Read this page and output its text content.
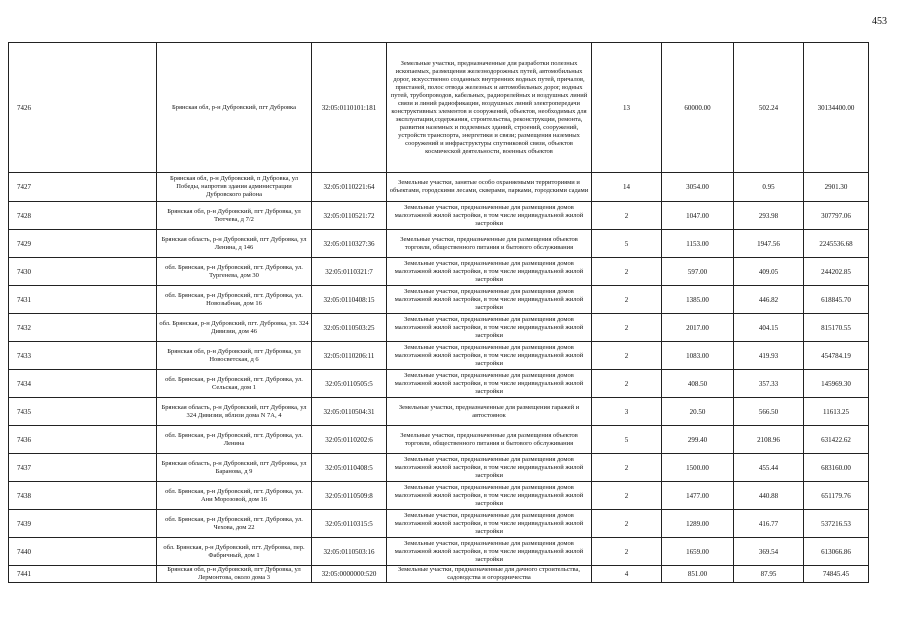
453
7426	Брянская обл, р-н Дубровский, пгт Дубровка	32:05:0110101:181	Земельные участки, предназначенные для разработки полезных ископаемых, размещения железнодорожных путей, автомобильных дорог, искусственно созданных внутренних водных путей, причалов, пристаней, полос отвода железных и автомобильных дорог, водных путей, трубопроводов, кабельных, радиорелейных и воздушных линий связи и линий радиофикации, воздушных линий электропередачи конструктивных элементов и сооружений, объектов, необходимых для эксплуатации,содержания, строительства, реконструкции, ремонта, развития наземных и подземных зданий, строений, сооружений, устройств транспорта, энергетики и связи; размещения наземных сооружений и инфраструктуры спутниковой связи, объектов космической деятельности, военных объектов	13	60000.00	502.24	30134400.00
7427	Брянская обл, р-н Дубровский, п Дубровка, ул Победы, напротив здания администрации Дубровского района	32:05:0110221:64	Земельные участки, занятые особо охраняемыми территориями и объектами, городскими лесами, скверами, парками, городскими садами	14	3054.00	0.95	2901.30
7428	Брянская обл, р-н Дубровский, пгт Дубровка, ул Тютчева, д 7/2	32:05:0110521:72	Земельные участки, предназначенные для размещения домов малоэтажной жилой застройки, в том числе индивидуальной жилой застройки	2	1047.00	293.98	307797.06
7429	Брянская область, р-н Дубровский, пгт Дубровка, ул Ленина, д 146	32:05:0110327:36	Земельные участки, предназначенные для размещения объектов торговли, общественного питания и бытового обслуживания	5	1153.00	1947.56	2245536.68
7430	обл. Брянская, р-н Дубровский, пгт. Дубровка, ул. Тургенева, дом 30	32:05:0110321:7	Земельные участки, предназначенные для размещения домов малоэтажной жилой застройки, в том числе индивидуальной жилой застройки	2	597.00	409.05	244202.85
7431	обл. Брянская, р-н Дубровский, пгт. Дубровка, ул. Новозыбная, дом 16	32:05:0110408:15	Земельные участки, предназначенные для размещения домов малоэтажной жилой застройки, в том числе индивидуальной жилой застройки	2	1385.00	446.82	618845.70
7432	обл. Брянская, р-н Дубровский, пгт. Дубровка, ул. 324 Дивизии, дом 46	32:05:0110503:25	Земельные участки, предназначенные для размещения домов малоэтажной жилой застройки, в том числе индивидуальной жилой застройки	2	2017.00	404.15	815170.55
7433	Брянская обл, р-н Дубровский, пгт Дубровка, ул Новосветская, д 6	32:05:0110206:11	Земельные участки, предназначенные для размещения домов малоэтажной жилой застройки, в том числе индивидуальной жилой застройки	2	1083.00	419.93	454784.19
7434	обл. Брянская, р-н Дубровский, пгт. Дубровка, ул. Сельская, дом 1	32:05:0110505:5	Земельные участки, предназначенные для размещения домов малоэтажной жилой застройки, в том числе индивидуальной жилой застройки	2	408.50	357.33	145969.30
7435	Брянская область, р-н Дубровский, пгт Дубровка, ул 324 Дивизии, вблизи дома N 7А, 4	32:05:0110504:31	Земельные участки, предназначенные для размещения гаражей и автостоянок	3	20.50	566.50	11613.25
7436	обл. Брянская, р-н Дубровский, пгт. Дубровка, ул. Ленина	32:05:0110202:6	Земельные участки, предназначенные для размещения объектов торговли, общественного питания и бытового обслуживания	5	299.40	2108.96	631422.62
7437	Брянская область, р-н Дубровский, пгт Дубровка, ул Баранова, д 9	32:05:0110408:5	Земельные участки, предназначенные для размещения домов малоэтажной жилой застройки, в том числе индивидуальной жилой застройки	2	1500.00	455.44	683160.00
7438	обл. Брянская, р-н Дубровский, пгт. Дубровка, ул. Ани Морозовой, дом 16	32:05:0110509:8	Земельные участки, предназначенные для размещения домов малоэтажной жилой застройки, в том числе индивидуальной жилой застройки	2	1477.00	440.88	651179.76
7439	обл. Брянская, р-н Дубровский, пгт. Дубровка, ул. Чехова, дом 22	32:05:0110315:5	Земельные участки, предназначенные для размещения домов малоэтажной жилой застройки, в том числе индивидуальной жилой застройки	2	1289.00	416.77	537216.53
7440	обл. Брянская, р-н Дубровский, пгт. Дубровка, пер. Фабричный, дом 1	32:05:0110503:16	Земельные участки, предназначенные для размещения домов малоэтажной жилой застройки, в том числе индивидуальной жилой застройки	2	1659.00	369.54	613066.86
7441	Брянская обл, р-н Дубровский, пгт Дубровка, ул Лермонтова, около дома 3	32:05:0000000:520	Земельные участки, предназначенные для дачного строительства, садоводства и огородничества	4	851.00	87.95	74845.45
